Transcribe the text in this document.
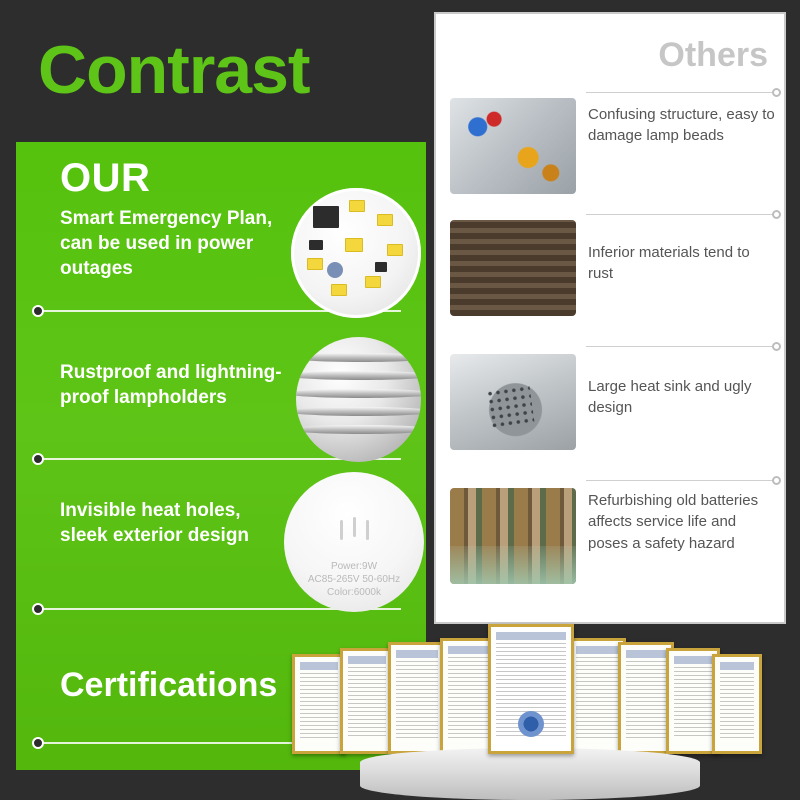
Contrast
OUR
Smart Emergency Plan, can be used in power outages
Rustproof and lightning-proof lampholders
Invisible heat holes, sleek exterior design
Power:9W
AC85-265V 50-60Hz
Color:6000k
Certifications
Others
Confusing structure, easy to damage lamp beads
Inferior materials tend to rust
Large heat sink and ugly design
Refurbishing old batteries affects service life and poses a safety hazard
